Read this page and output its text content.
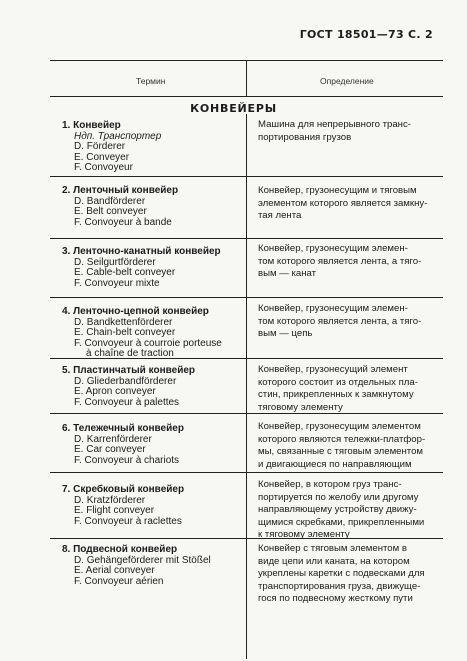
ГОСТ 18501—73 С. 2
Термин	Определение
КОНВЕЙЕРЫ
1. Конвейер
Ндп. Транспортер
D. Förderer
E. Conveyer
F. Convoyeur
Машина для непрерывного транс-
портирования грузов
2. Ленточный конвейер
D. Bandförderer
E. Belt conveyer
F. Convoyeur à bande
Конвейер, грузонесущим и тяговым
элементом которого является замкну-
тая лента
3. Ленточно-канатный конвейер
D. Seilgurtförderer
E. Cable-belt conveyer
F. Convoyeur mixte
Конвейер, грузонесущим элемен-
том которого является лента, а тяго-
вым — канат
4. Ленточно-цепной конвейер
D. Bandkettenförderer
E. Chain-belt conveyer
F. Convoyeur à courroie porteuse
à chaîne de traction
Конвейер, грузонесущим элемен-
том которого является лента, а тяго-
вым — цепь
5. Пластинчатый конвейер
D. Gliederbandförderer
E. Apron conveyer
F. Convoyeur à palettes
Конвейер, грузонесущий элемент
которого состоит из отдельных пла-
стин, прикрепленных к замкнутому
тяговому элементу
6. Тележечный конвейер
D. Karrenförderer
E. Car conveyer
F. Convoyeur à chariots
Конвейер, грузонесущим элементом
которого являются тележки-платфор-
мы, связанные с тяговым элементом
и двигающиеся по направляющим
7. Скребковый конвейер
D. Kratzförderer
E. Flight conveyer
F. Convoyeur à raclettes
Конвейер, в котором груз транс-
портируется по желобу или другому
направляющему устройству движу-
щимися скребками, прикрепленными
к тяговому элементу
8. Подвесной конвейер
D. Gehängeförderer mit Stößel
E. Aerial conveyer
F. Convoyeur aérien
Конвейер с тяговым элементом в
виде цепи или каната, на котором
укреплены каретки с подвесками для
транспортирования груза, движуще-
гося по подвесному жесткому пути
